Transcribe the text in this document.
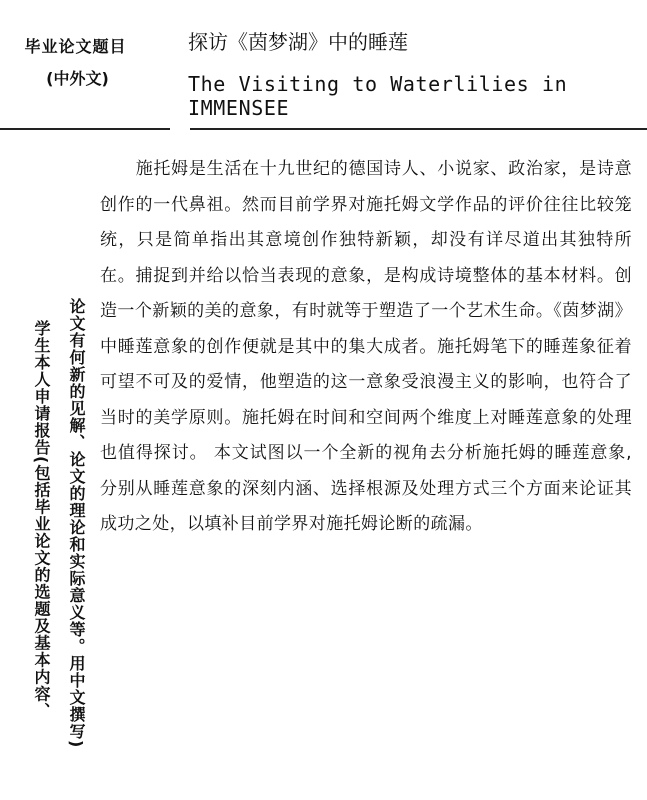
毕业论文题目
(中外文)
探访《茵梦湖》中的睡莲
The Visiting to Waterlilies in IMMENSEE
论文有何新的见解、论文的理论和实际意义等。用中文撰写)
学生本人申请报告(包括毕业论文的选题及基本内容、

施托姆是生活在十九世纪的德国诗人、小说家、政治家，是诗意创作的一代鼻祖。然而目前学界对施托姆文学作品的评价往往比较笼统，只是简单指出其意境创作独特新颖，却没有详尽道出其独特所在。捕捉到并给以恰当表现的意象，是构成诗境整体的基本材料。创造一个新颖的美的意象，有时就等于塑造了一个艺术生命。《茵梦湖》中睡莲意象的创作便就是其中的集大成者。施托姆笔下的睡莲象征着可望不可及的爱情，他塑造的这一意象受浪漫主义的影响，也符合了当时的美学原则。施托姆在时间和空间两个维度上对睡莲意象的处理也值得探讨。 本文试图以一个全新的视角去分析施托姆的睡莲意象,分别从睡莲意象的深刻内涵、选择根源及处理方式三个方面来论证其成功之处，以填补目前学界对施托姆论断的疏漏。
